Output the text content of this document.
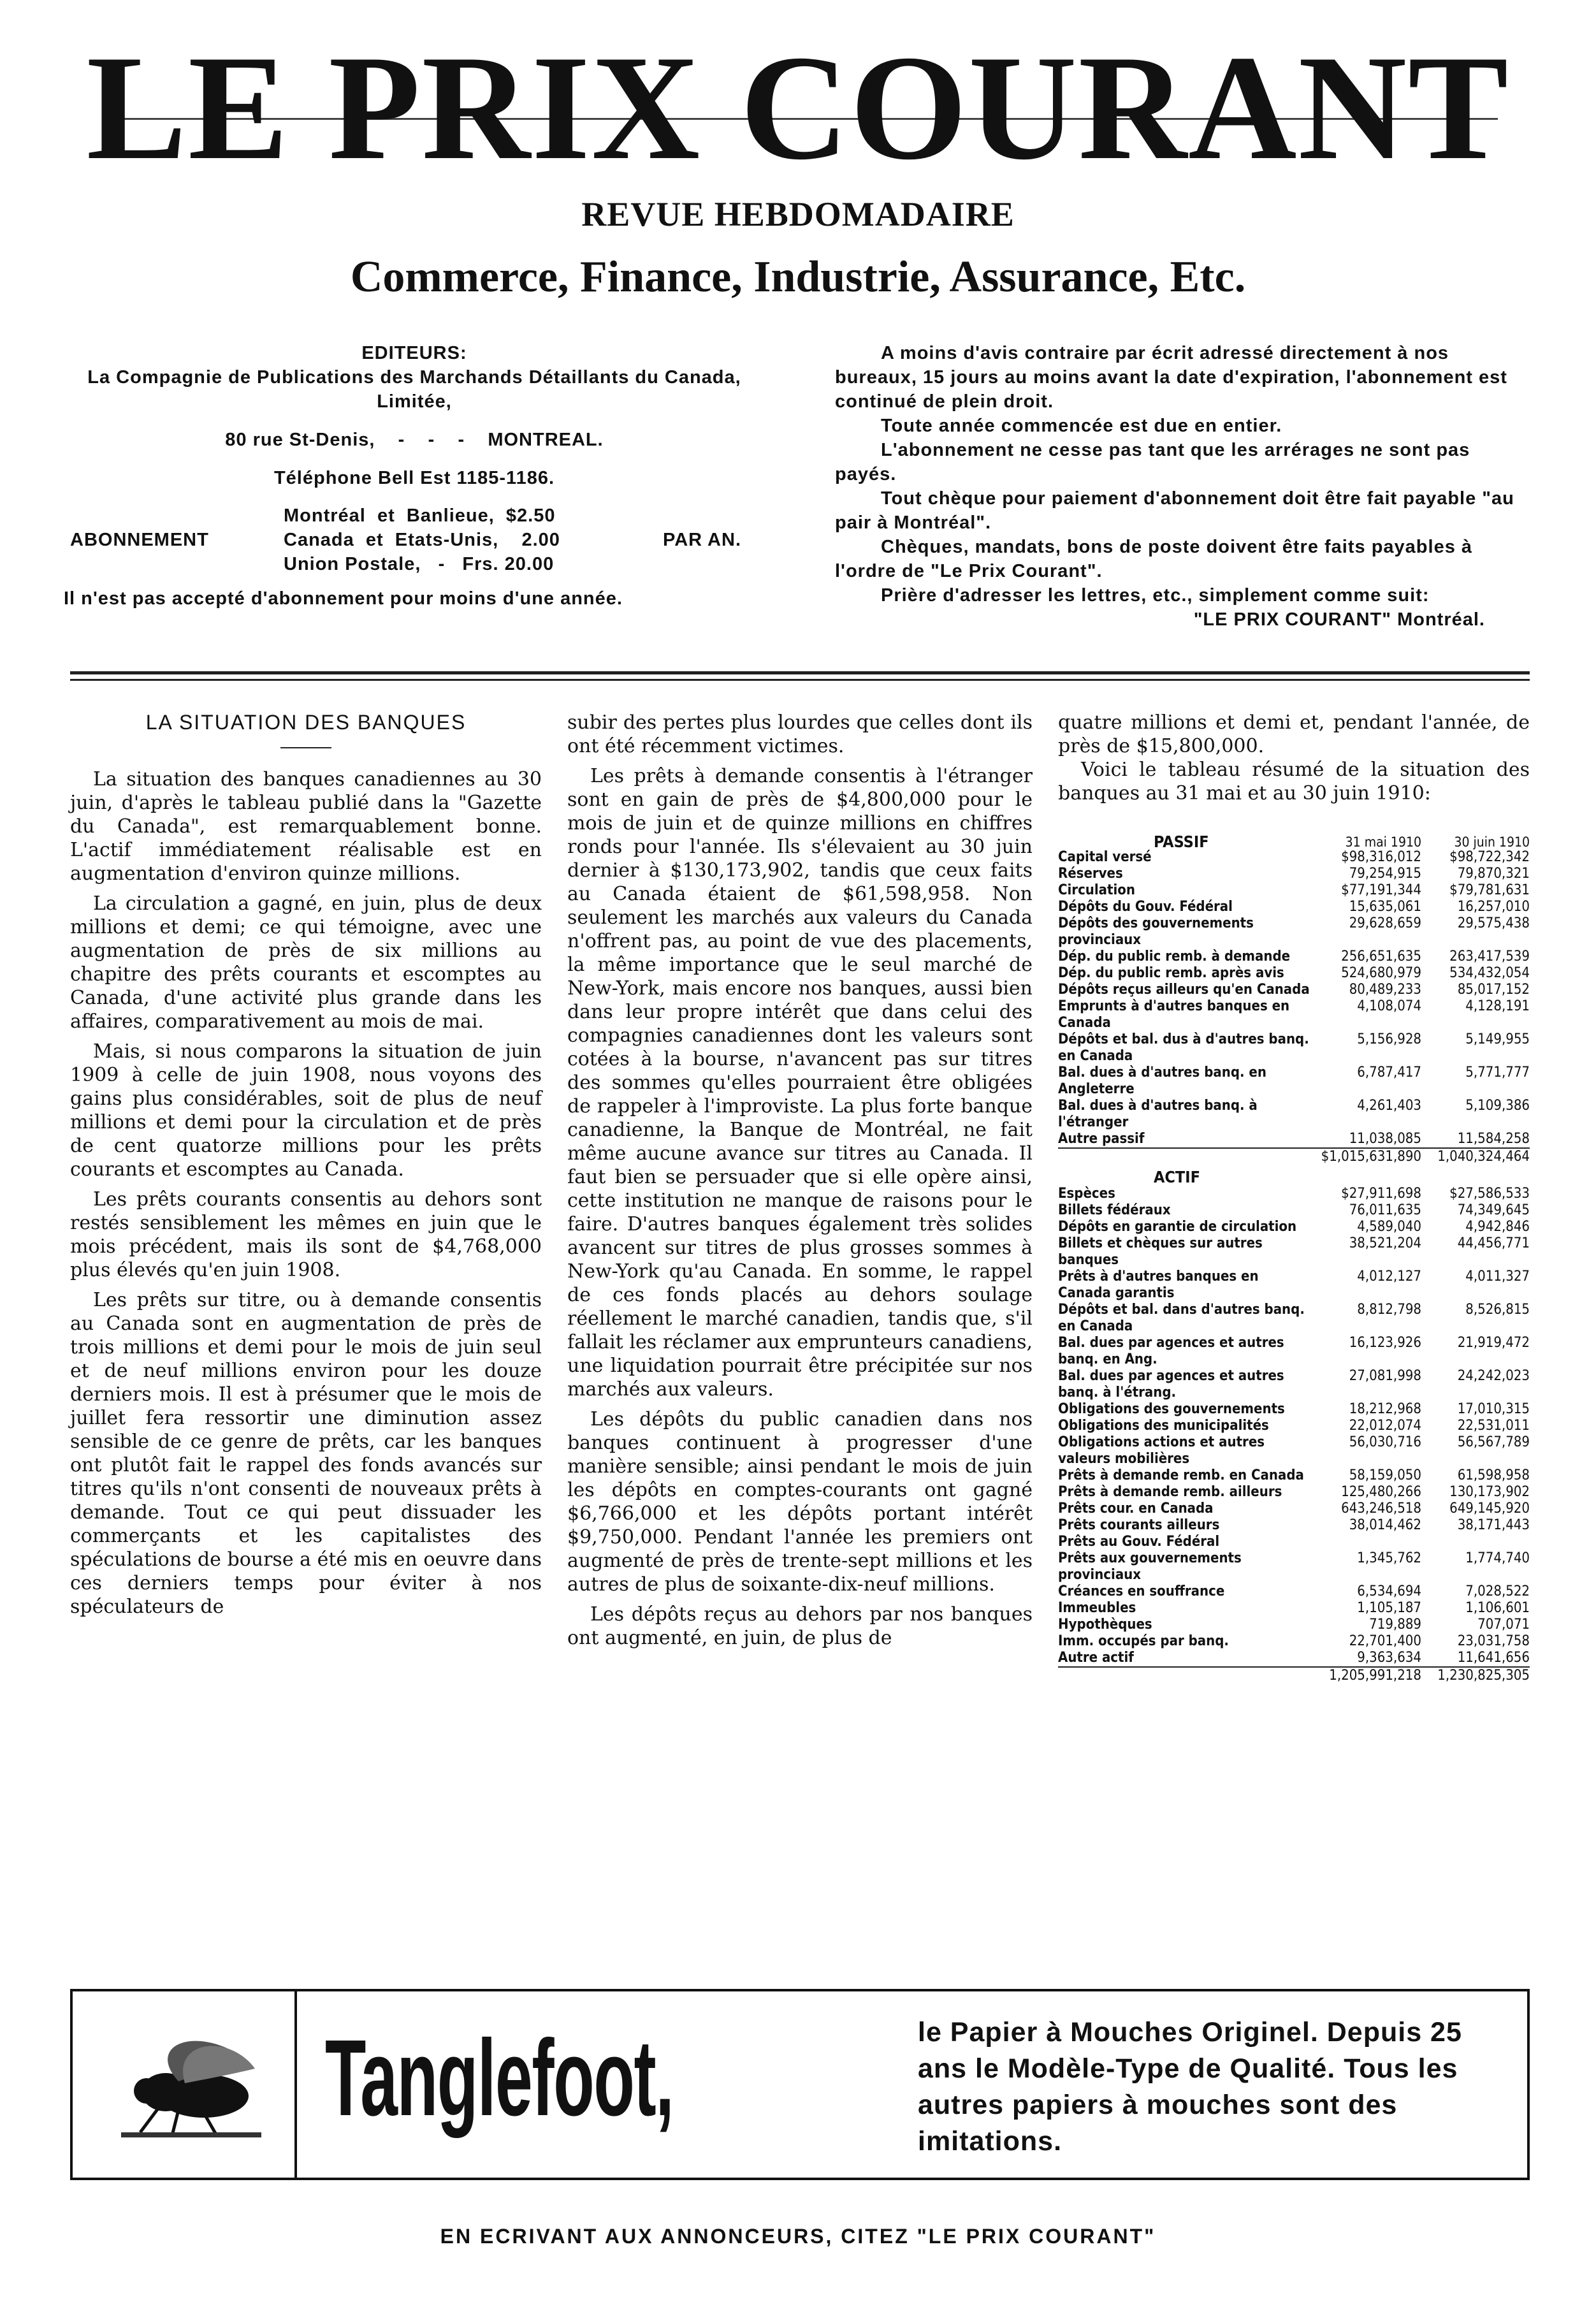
LE PRIX COURANT
REVUE HEBDOMADAIRE
Commerce, Finance, Industrie, Assurance, Etc.
EDITEURS:
La Compagnie de Publications des Marchands Détaillants du Canada, Limitée,
80 rue St-Denis,    -    -    -    MONTREAL.
Téléphone Bell Est 1185-1186.
ABONNEMENT
Montréal  et  Banlieue,  $2.50
Canada  et  Etats-Unis,    2.00
Union Postale,   -   Frs. 20.00
PAR AN.
Il n'est pas accepté d'abonnement pour moins d'une année.

A moins d'avis contraire par écrit adressé directement à nos bureaux, 15 jours au moins avant la date d'expiration, l'abonnement est continué de plein droit.

Toute année commencée est due en entier.

L'abonnement ne cesse pas tant que les arrérages ne sont pas payés.

Tout chèque pour paiement d'abonnement doit être fait payable "au pair à Montréal".

Chèques, mandats, bons de poste doivent être faits payables à l'ordre de "Le Prix Courant".

Prière d'adresser les lettres, etc., simplement comme suit:

"LE PRIX COURANT" Montréal.

LA SITUATION DES BANQUES

La situation des banques canadiennes au 30 juin, d'après le tableau publié dans la "Gazette du Canada", est remarquablement bonne. L'actif immédiatement réalisable est en augmentation d'environ quinze millions.

La circulation a gagné, en juin, plus de deux millions et demi; ce qui témoigne, avec une augmentation de près de six millions au chapitre des prêts courants et escomptes au Canada, d'une activité plus grande dans les affaires, comparativement au mois de mai.

Mais, si nous comparons la situation de juin 1909 à celle de juin 1908, nous voyons des gains plus considérables, soit de plus de neuf millions et demi pour la circulation et de près de cent quatorze millions pour les prêts courants et escomptes au Canada.

Les prêts courants consentis au dehors sont restés sensiblement les mêmes en juin que le mois précédent, mais ils sont de $4,768,000 plus élevés qu'en juin 1908.

Les prêts sur titre, ou à demande consentis au Canada sont en augmentation de près de trois millions et demi pour le mois de juin seul et de neuf millions environ pour les douze derniers mois. Il est à présumer que le mois de juillet fera ressortir une diminution assez sensible de ce genre de prêts, car les banques ont plutôt fait le rappel des fonds avancés sur titres qu'ils n'ont consenti de nouveaux prêts à demande. Tout ce qui peut dissuader les commerçants et les capitalistes des spéculations de bourse a été mis en oeuvre dans ces derniers temps pour éviter à nos spéculateurs de

subir des pertes plus lourdes que celles dont ils ont été récemment victimes.

Les prêts à demande consentis à l'étranger sont en gain de près de $4,800,000 pour le mois de juin et de quinze millions en chiffres ronds pour l'année. Ils s'élevaient au 30 juin dernier à $130,173,902, tandis que ceux faits au Canada étaient de $61,598,958. Non seulement les marchés aux valeurs du Canada n'offrent pas, au point de vue des placements, la même importance que le seul marché de New-York, mais encore nos banques, aussi bien dans leur propre intérêt que dans celui des compagnies canadiennes dont les valeurs sont cotées à la bourse, n'avancent pas sur titres des sommes qu'elles pourraient être obligées de rappeler à l'improviste. La plus forte banque canadienne, la Banque de Montréal, ne fait même aucune avance sur titres au Canada. Il faut bien se persuader que si elle opère ainsi, cette institution ne manque de raisons pour le faire. D'autres banques également très solides avancent sur titres de plus grosses sommes à New-York qu'au Canada. En somme, le rappel de ces fonds placés au dehors soulage réellement le marché canadien, tandis que, s'il fallait les réclamer aux emprunteurs canadiens, une liquidation pourrait être précipitée sur nos marchés aux valeurs.

Les dépôts du public canadien dans nos banques continuent à progresser d'une manière sensible; ainsi pendant le mois de juin les dépôts en comptes-courants ont gagné $6,766,000 et les dépôts portant intérêt $9,750,000. Pendant l'année les premiers ont augmenté de près de trente-sept millions et les autres de plus de soixante-dix-neuf millions.

Les dépôts reçus au dehors par nos banques ont augmenté, en juin, de plus de

quatre millions et demi et, pendant l'année, de près de $15,800,000.

Voici le tableau résumé de la situation des banques au 31 mai et au 30 juin 1910:

PASSIF	31 mai 1910	30 juin 1910
Capital versé	$98,316,012	$98,722,342
Réserves	79,254,915	79,870,321
Circulation	$77,191,344	$79,781,631
Dépôts du Gouv. Fédéral	15,635,061	16,257,010
Dépôts des gouvernements provinciaux
29,628,659	29,575,438
Dép. du public remb. à demande	256,651,635	263,417,539
Dép. du public remb. après avis	524,680,979	534,432,054
Dépôts reçus ailleurs qu'en Canada	80,489,233	85,017,152
Emprunts à d'autres banques en Canada
4,108,074	4,128,191
Dépôts et bal. dus à d'autres banq. en Canada
5,156,928	5,149,955
Bal. dues à d'autres banq. en Angleterre
6,787,417	5,771,777
Bal. dues à d'autres banq. à l'étranger
4,261,403	5,109,386
Autre passif	11,038,085	11,584,258
$1,015,631,890	1,040,324,464
ACTIF
Espèces	$27,911,698	$27,586,533
Billets fédéraux	76,011,635	74,349,645
Dépôts en garantie de circulation	4,589,040	4,942,846
Billets et chèques sur autres banques
38,521,204	44,456,771
Prêts à d'autres banques en Canada garantis
4,012,127	4,011,327
Dépôts et bal. dans d'autres banq. en Canada
8,812,798	8,526,815
Bal. dues par agences et autres banq. en Ang.
16,123,926	21,919,472
Bal. dues par agences et autres banq. à l'étrang.
27,081,998	24,242,023
Obligations des gouvernements	18,212,968	17,010,315
Obligations des municipalités	22,012,074	22,531,011
Obligations actions et autres valeurs mobilières
56,030,716	56,567,789
Prêts à demande remb. en Canada	58,159,050	61,598,958
Prêts à demande remb. ailleurs	125,480,266	130,173,902
Prêts cour. en Canada	643,246,518	649,145,920
Prêts courants ailleurs	38,014,462	38,171,443
Prêts au Gouv. Fédéral
Prêts aux gouvernements provinciaux
1,345,762	1,774,740
Créances en souffrance	6,534,694	7,028,522
Immeubles	1,105,187	1,106,601
Hypothèques	719,889	707,071
Imm. occupés par banq.	22,701,400	23,031,758
Autre actif	9,363,634	11,641,656
1,205,991,218	1,230,825,305
Tanglefoot,	le Papier à Mouches Originel. Depuis 25 ans le Modèle-Type de Qualité. Tous les autres papiers à mouches sont des imitations.
EN ECRIVANT AUX ANNONCEURS, CITEZ "LE PRIX COURANT"
